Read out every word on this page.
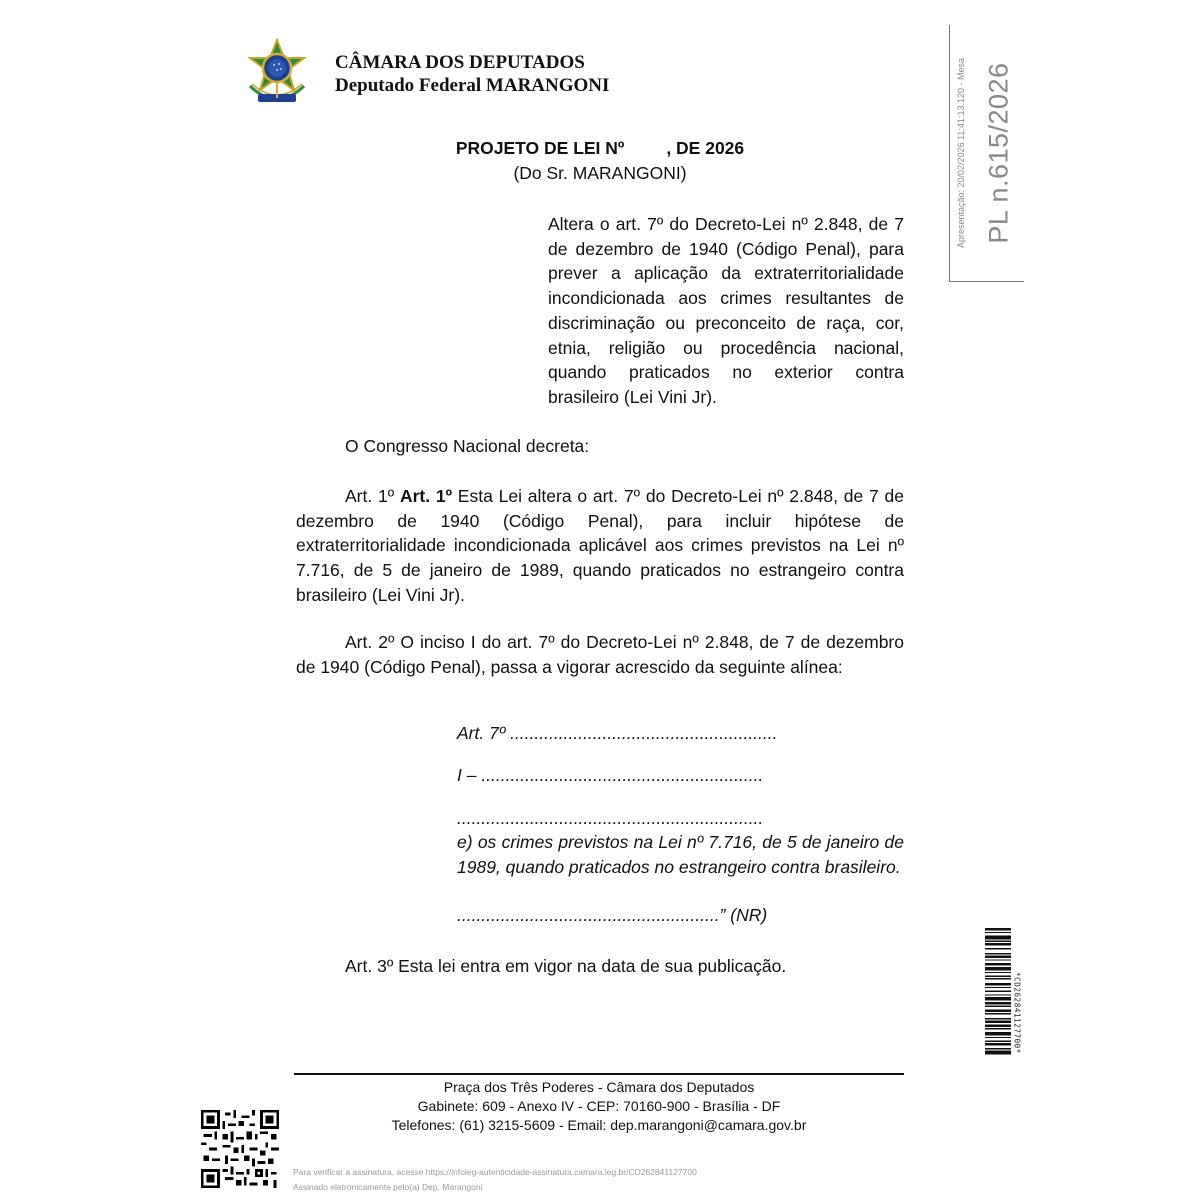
CÂMARA DOS DEPUTADOS
Deputado Federal MARANGONI
PROJETO DE LEI Nº , DE 2026
(Do Sr. MARANGONI)
Altera o art. 7º do Decreto-Lei nº 2.848, de 7 de dezembro de 1940 (Código Penal), para prever a aplicação da extraterritorialidade incondicionada aos crimes resultantes de discriminação ou preconceito de raça, cor, etnia, religião ou procedência nacional, quando praticados no exterior contra brasileiro (Lei Vini Jr).
O Congresso Nacional decreta:
Art. 1º Art. 1º Esta Lei altera o art. 7º do Decreto-Lei nº 2.848, de 7 de dezembro de 1940 (Código Penal), para incluir hipótese de extraterritorialidade incondicionada aplicável aos crimes previstos na Lei nº 7.716, de 5 de janeiro de 1989, quando praticados no estrangeiro contra brasileiro (Lei Vini Jr).
Art. 2º O inciso I do art. 7º do Decreto-Lei nº 2.848, de 7 de dezembro de 1940 (Código Penal), passa a vigorar acrescido da seguinte alínea:
Art. 7º .......................................................
I – ..........................................................
...............................................................
e) os crimes previstos na Lei nº 7.716, de 5 de janeiro de 1989, quando praticados no estrangeiro contra brasileiro.
......................................................” (NR)
Art. 3º Esta lei entra em vigor na data de sua publicação.
Praça dos Três Poderes - Câmara dos Deputados
Gabinete: 609 - Anexo IV - CEP: 70160-900 - Brasília - DF
Telefones: (61) 3215-5609 - Email: dep.marangoni@camara.gov.br
Para verificar a assinatura, acesse https://infoleg-autenticidade-assinatura.camara.leg.br/CD262841127700
Assinado eletronicamente pelo(a) Dep. Marangoni
Apresentação: 20/02/2026 11:41:13.120 - Mesa PL n.615/2026
*CD262841127700*
